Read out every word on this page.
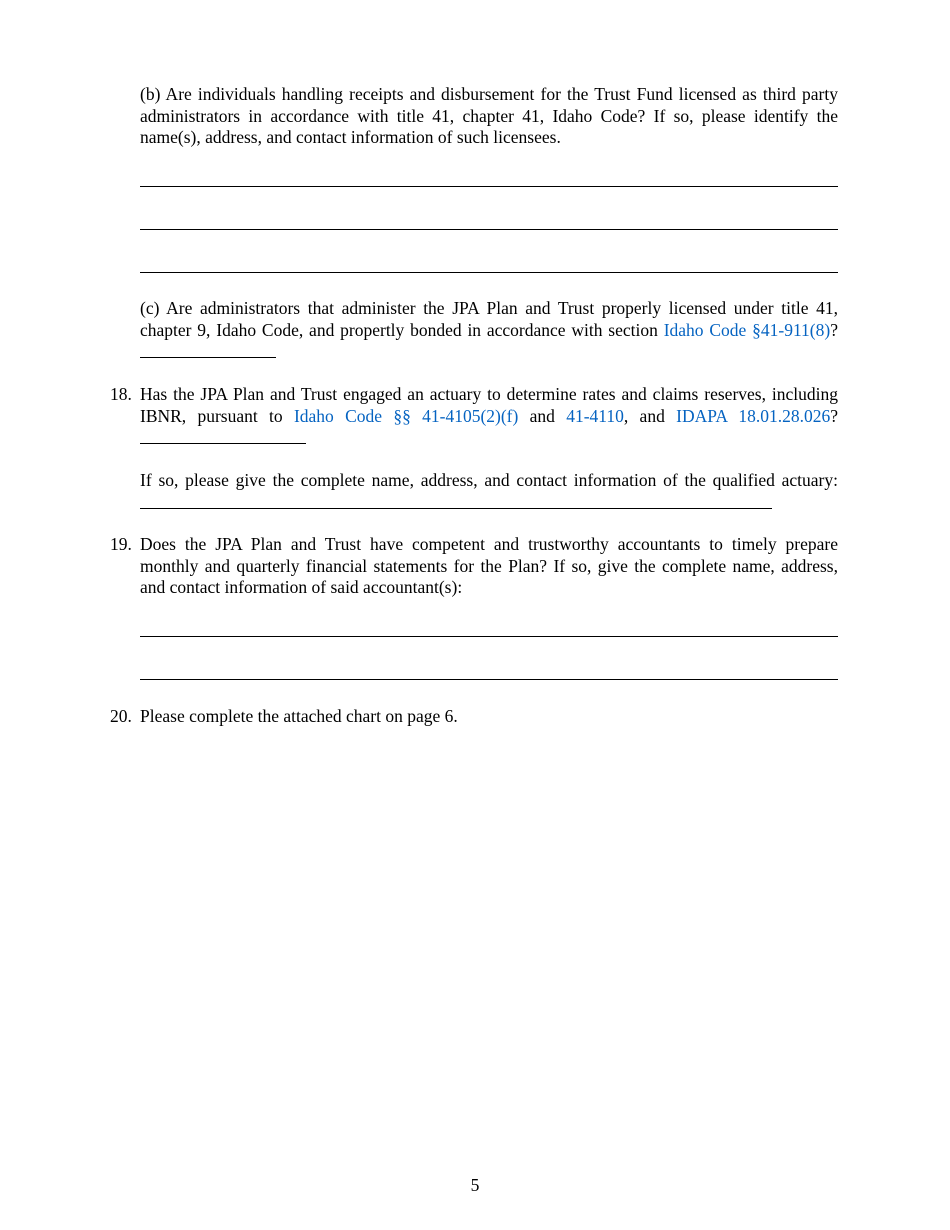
(b) Are individuals handling receipts and disbursement for the Trust Fund licensed as third party administrators in accordance with title 41, chapter 41, Idaho Code? If so, please identify the name(s), address, and contact information of such licensees.
(c) Are administrators that administer the JPA Plan and Trust properly licensed under title 41, chapter 9, Idaho Code, and propertly bonded in accordance with section Idaho Code §41-911(8)?
18. Has the JPA Plan and Trust engaged an actuary to determine rates and claims reserves, including IBNR, pursuant to Idaho Code §§ 41-4105(2)(f) and 41-4110, and IDAPA 18.01.28.026?
If so, please give the complete name, address, and contact information of the qualified actuary:
19. Does the JPA Plan and Trust have competent and trustworthy accountants to timely prepare monthly and quarterly financial statements for the Plan? If so, give the complete name, address, and contact information of said accountant(s):
20. Please complete the attached chart on page 6.
5
